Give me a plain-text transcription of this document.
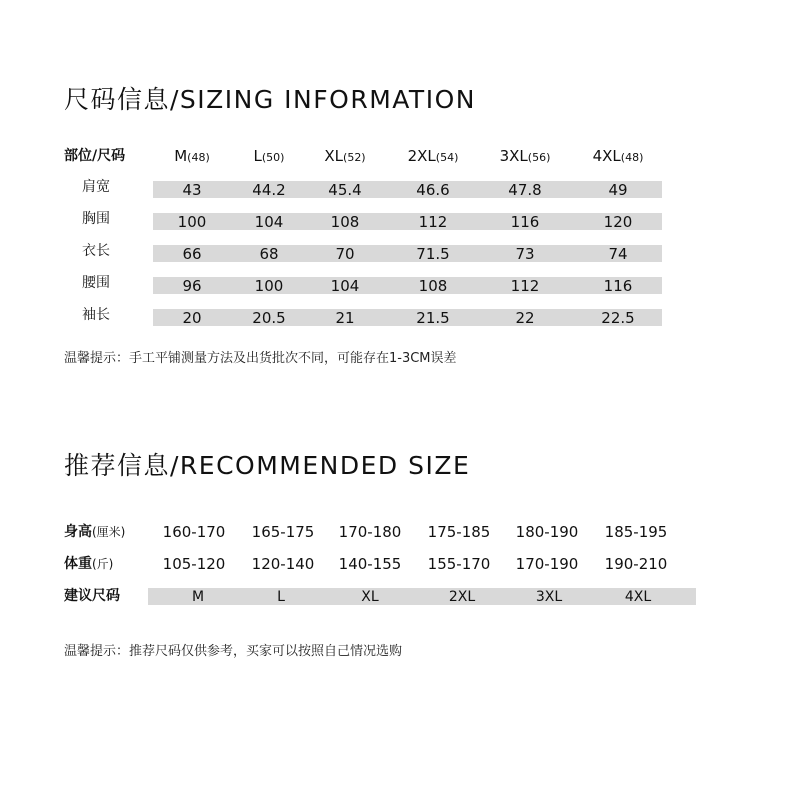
尺码信息/SIZING INFORMATION
部位/尺码	M(48)	L(50)	XL(52)	2XL(54)	3XL(56)	4XL(48)
肩宽	43	44.2	45.4	46.6	47.8	49
胸围	100	104	108	112	116	120
衣长	66	68	70	71.5	73	74
腰围	96	100	104	108	112	116
袖长	20	20.5	21	21.5	22	22.5
温馨提示：手工平铺测量方法及出货批次不同，可能存在1-3CM误差
推荐信息/RECOMMENDED SIZE
身高(厘米) 160-170 165-175 170-180 175-185 180-190 185-195
体重(斤)	105-120 120-140 140-155 155-170 170-190 190-210
建议尺码	M	L	XL	2XL	3XL	4XL
温馨提示：推荐尺码仅供参考，买家可以按照自己情况选购
